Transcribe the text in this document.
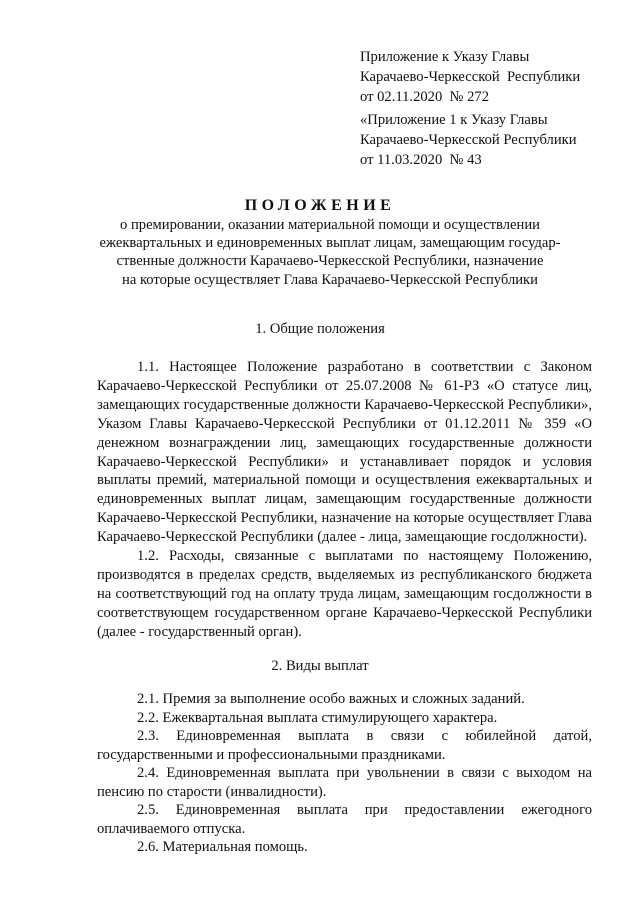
Приложение к Указу Главы
Карачаево-Черкесской  Республики
от 02.11.2020  № 272
«Приложение 1 к Указу Главы
Карачаево-Черкесской Республики
от 11.03.2020  № 43
ПОЛОЖЕНИЕ
о премировании, оказании материальной помощи и осуществлении
ежеквартальных и единовременных выплат лицам, замещающим государ-
ственные должности Карачаево-Черкесской Республики, назначение
на которые осуществляет Глава Карачаево-Черкесской Республики
1. Общие положения

1.1. Настоящее Положение разработано в соответствии с Законом Карачаево-Черкесской Республики от 25.07.2008 № 61-РЗ «О статусе лиц, замещающих государственные должности Карачаево-Черкесской Республики», Указом Главы Карачаево-Черкесской Республики от 01.12.2011 № 359 «О денежном вознаграждении лиц, замещающих государственные должности Карачаево-Черкесской Республики» и устанавливает порядок и условия выплаты премий, материальной помощи и осуществления ежеквартальных и единовременных выплат лицам, замещающим государственные должности Карачаево-Черкесской Республики, назначение на которые осуществляет Глава Карачаево-Черкесской Республики (далее - лица, замещающие госдолжности).

1.2. Расходы, связанные с выплатами по настоящему Положению, производятся в пределах средств, выделяемых из республиканского бюджета на соответствующий год на оплату труда лицам, замещающим госдолжности в соответствующем государственном органе Карачаево-Черкесской Республики (далее - государственный орган).

2. Виды выплат

2.1. Премия за выполнение особо важных и сложных заданий.

2.2. Ежеквартальная выплата стимулирующего характера.

2.3. Единовременная выплата в связи с юбилейной датой, государственными и профессиональными праздниками.

2.4. Единовременная выплата при увольнении в связи с выходом на пенсию по старости (инвалидности).

2.5. Единовременная выплата при предоставлении ежегодного оплачиваемого отпуска.

2.6. Материальная помощь.
